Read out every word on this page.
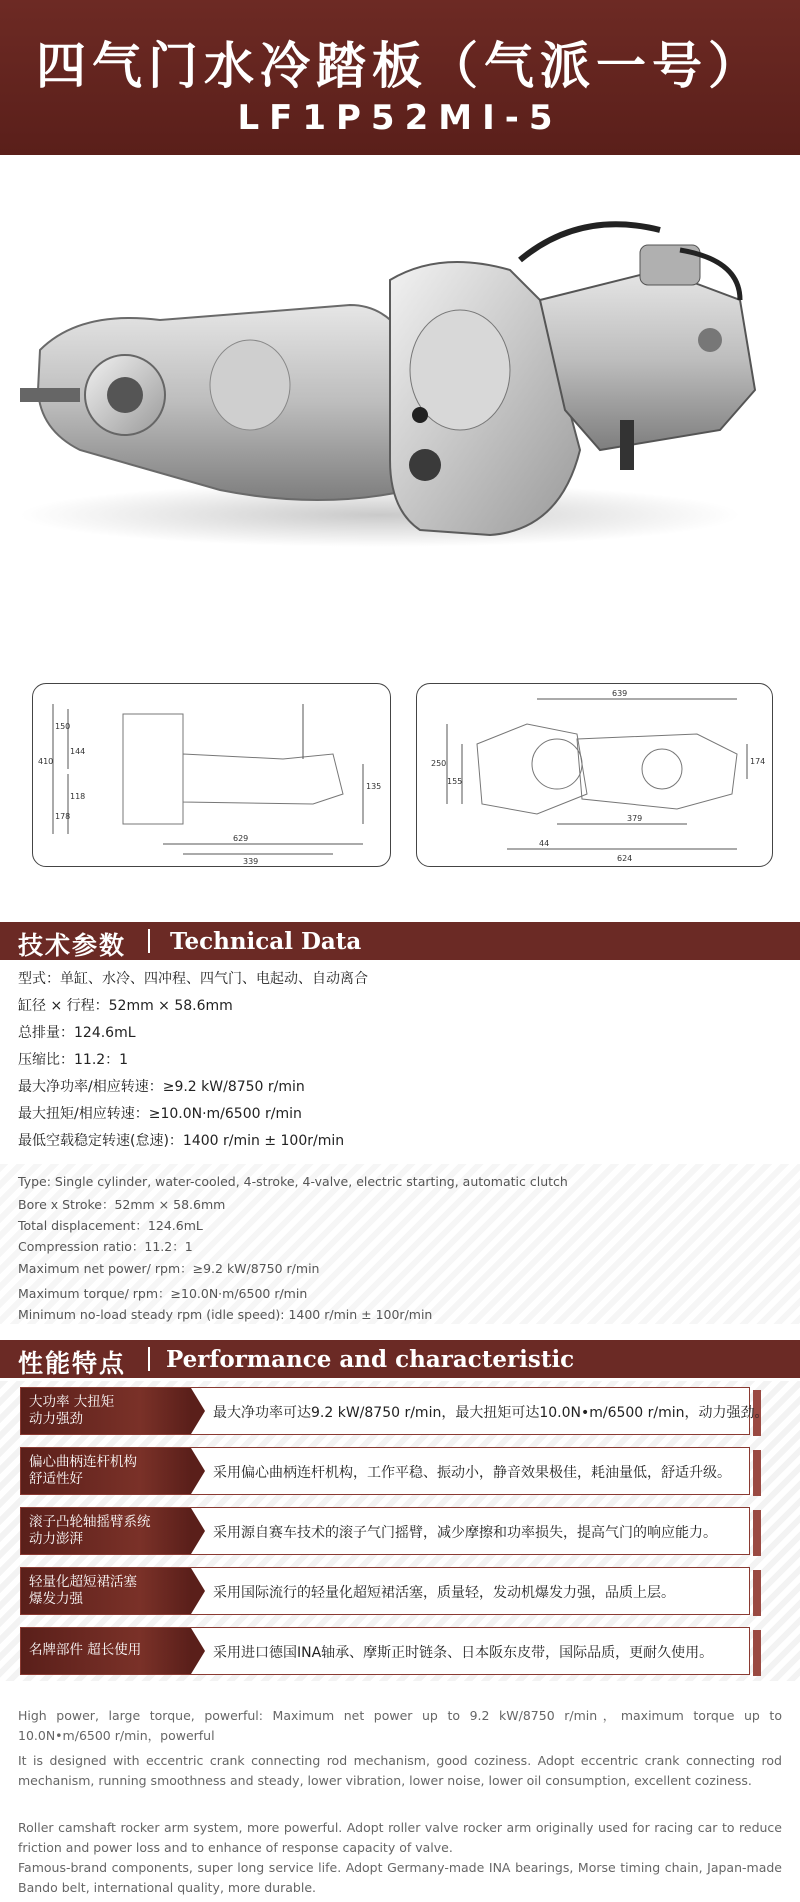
四气门水冷踏板（气派一号）
LF1P52MI-5
150
144
410
118
178
135
629
339
639
250
155
174
379
44
624
技术参数 Technical Data
型式：单缸、水冷、四冲程、四气门、电起动、自动离合
缸径 × 行程：52mm × 58.6mm
总排量：124.6mL
压缩比：11.2：1
最大净功率/相应转速：≥9.2 kW/8750 r/min
最大扭矩/相应转速：≥10.0N·m/6500 r/min
最低空载稳定转速(怠速)：1400 r/min ± 100r/min
Type: Single cylinder, water-cooled, 4-stroke, 4-valve, electric starting, automatic clutch
Bore x Stroke：52mm × 58.6mm
Total displacement：124.6mL
Compression ratio：11.2：1
Maximum net power/ rpm：≥9.2 kW/8750 r/min
Maximum torque/ rpm：≥10.0N·m/6500 r/min
Minimum no-load steady rpm (idle speed): 1400 r/min ± 100r/min
性能特点 Performance and characteristic
大功率 大扭矩
动力强劲	最大净功率可达9.2 kW/8750 r/min，最大扭矩可达10.0N•m/6500 r/min，动力强劲。
偏心曲柄连杆机构
舒适性好	采用偏心曲柄连杆机构，工作平稳、振动小，静音效果极佳，耗油量低，舒适升级。
滚子凸轮轴摇臂系统
动力澎湃	采用源自赛车技术的滚子气门摇臂，减少摩擦和功率损失，提高气门的响应能力。
轻量化超短裙活塞
爆发力强	采用国际流行的轻量化超短裙活塞，质量轻，发动机爆发力强，品质上层。
名牌部件 超长使用	采用进口德国INA轴承、摩斯正时链条、日本阪东皮带，国际品质，更耐久使用。
High power, large torque, powerful: Maximum net power up to 9.2 kW/8750 r/min，maximum torque up to 10.0N•m/6500 r/min，powerful
It is designed with eccentric crank connecting rod mechanism, good coziness. Adopt eccentric crank connecting rod mechanism, running smoothness and steady, lower vibration, lower noise, lower oil consumption, excellent coziness.
Roller camshaft rocker arm system, more powerful. Adopt roller valve rocker arm originally used for racing car to reduce friction and power loss and to enhance of response capacity of valve.
Famous-brand components, super long service life. Adopt Germany-made INA bearings, Morse timing chain, Japan-made Bando belt, international quality, more durable.
